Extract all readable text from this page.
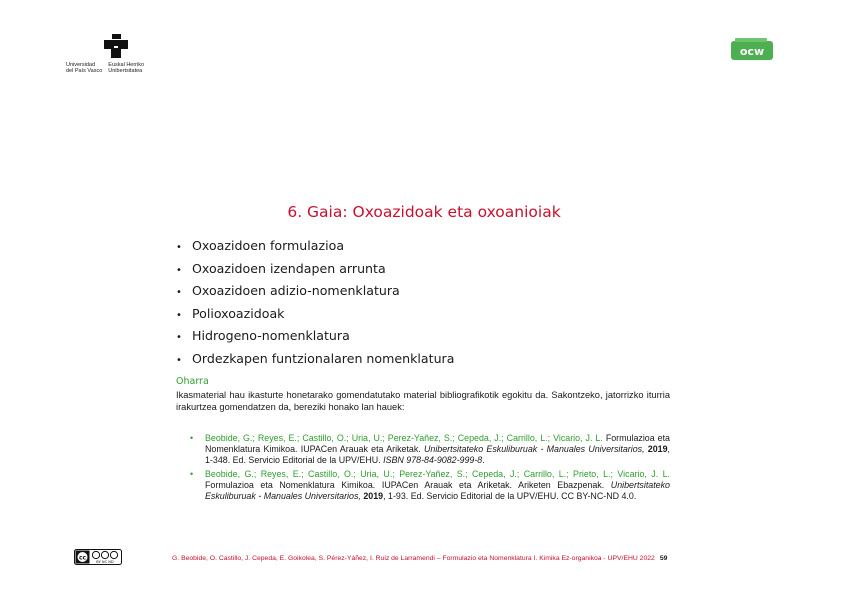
Universidad
del País Vasco
Euskal Herriko
Unibertsitatea
ocw
6. Gaia: Oxoazidoak eta oxoanioiak
• Oxoazidoen formulazioa
• Oxoazidoen izendapen arrunta
• Oxoazidoen adizio-nomenklatura
• Polioxoazidoak
• Hidrogeno-nomenklatura
• Ordezkapen funtzionalaren nomenklatura
Oharra
Ikasmaterial hau ikasturte honetarako gomendatutako material bibliografikotik egokitu da. Sakontzeko, jatorrizko iturria irakurtzea gomendatzen da, bereziki honako lan hauek:
• Beobide, G.; Reyes, E.; Castillo, O.; Uria, U.; Perez-Yañez, S.; Cepeda, J.; Carrillo, L.; Vicario, J. L. Formulazioa eta Nomenklatura Kimikoa. IUPACen Arauak eta Ariketak. Unibertsitateko Eskuliburuak - Manuales Universitarios, 2019, 1-348. Ed. Servicio Editorial de la UPV/EHU. ISBN 978-84-9082-999-8.
• Beobide, G.; Reyes, E.; Castillo, O.; Uria, U.; Perez-Yañez, S.; Cepeda, J.; Carrillo, L.; Prieto, L.; Vicario, J. L. Formulazioa eta Nomenklatura Kimikoa. IUPACen Arauak eta Ariketak. Ariketen Ebazpenak. Unibertsitateko Eskuliburuak - Manuales Universitarios, 2019, 1-93. Ed. Servicio Editorial de la UPV/EHU. CC BY-NC-ND 4.0.
cc
BY NC ND	G. Beobide, O. Castillo, J. Cepeda, E. Goikolea, S. Pérez-Yáñez, I. Ruiz de Larramendi – Formulazio eta Nomenklatura I. Kimika Ez-organikoa - UPV/EHU 2022 59
